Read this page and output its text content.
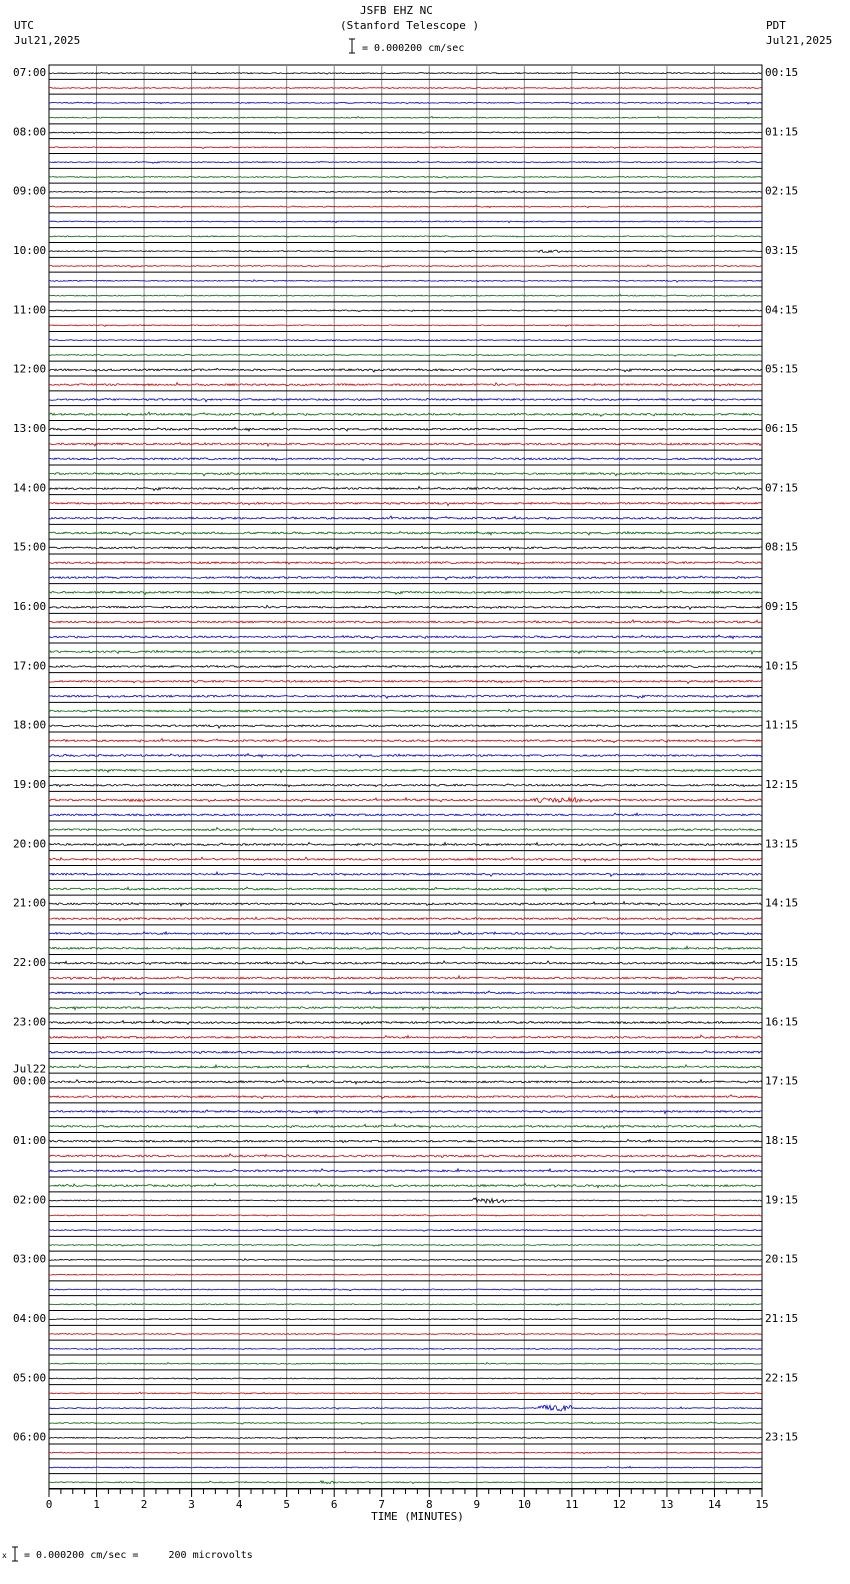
JSFB EHZ NC
(Stanford Telescope )
UTC
Jul21,2025
PDT
Jul21,2025
= 0.000200 cm/sec
07:00	00:15
08:00	01:15
09:00	02:15
10:00	03:15
11:00	04:15
12:00	05:15
13:00	06:15
14:00	07:15
15:00	08:15
16:00	09:15
17:00	10:15
18:00	11:15
19:00	12:15
20:00	13:15
21:00	14:15
22:00	15:15
23:00	16:15
00:00	17:15
01:00	18:15
02:00	19:15
03:00	20:15
04:00	21:15
05:00	22:15
06:00	23:15
Jul22
0	1	2	3	4	5	6	7	8	9	10	11	12	13	14	15
TIME (MINUTES)
x = 0.000200 cm/sec =     200 microvolts
